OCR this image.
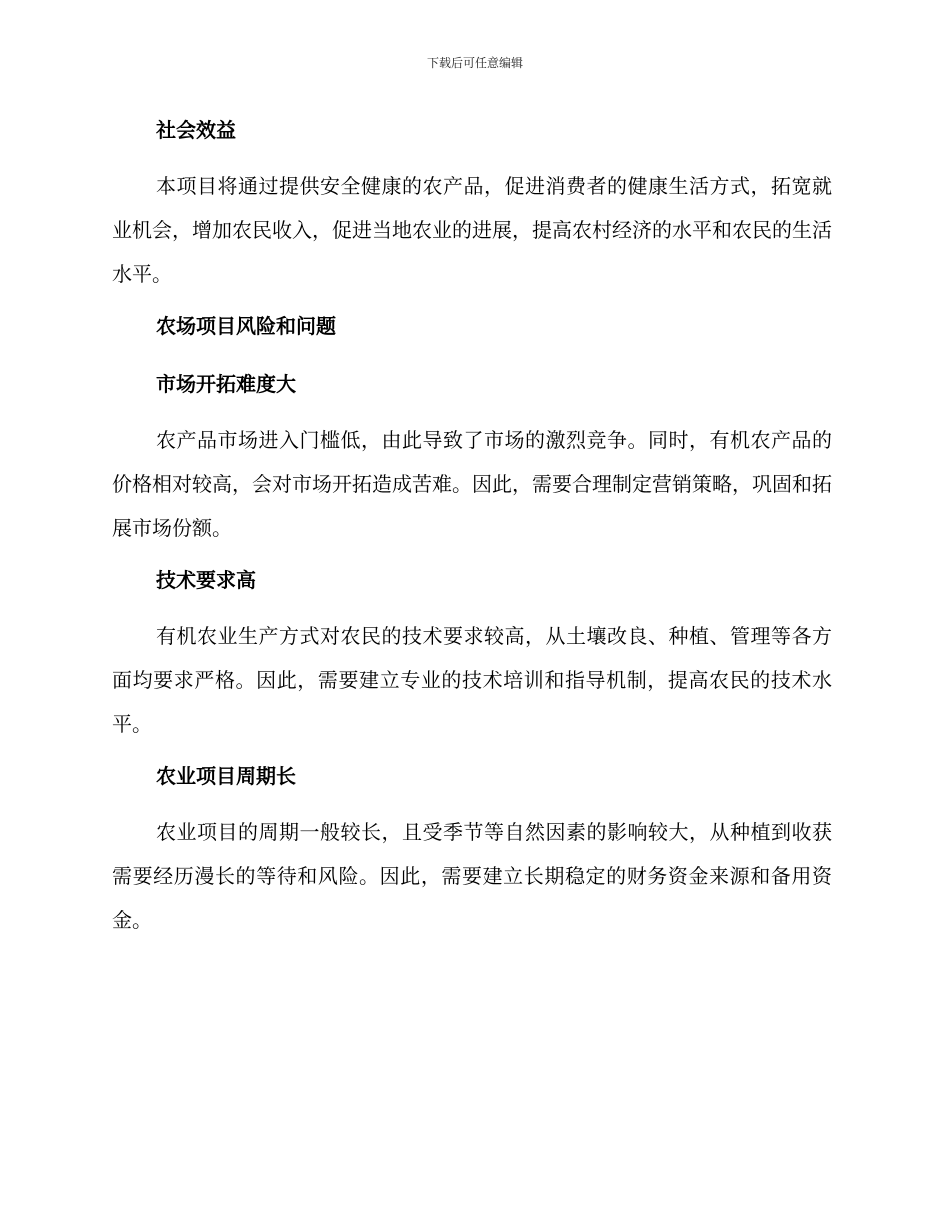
下载后可任意编辑
社会效益

本项目将通过提供安全健康的农产品，促进消费者的健康生活方式，拓宽就业机会，增加农民收入，促进当地农业的进展，提高农村经济的水平和农民的生活水平。

农场项目风险和问题
市场开拓难度大

农产品市场进入门槛低，由此导致了市场的激烈竞争。同时，有机农产品的价格相对较高，会对市场开拓造成苦难。因此，需要合理制定营销策略，巩固和拓展市场份额。

技术要求高

有机农业生产方式对农民的技术要求较高，从土壤改良、种植、管理等各方面均要求严格。因此，需要建立专业的技术培训和指导机制，提高农民的技术水平。

农业项目周期长

农业项目的周期一般较长，且受季节等自然因素的影响较大，从种植到收获需要经历漫长的等待和风险。因此，需要建立长期稳定的财务资金来源和备用资金。
